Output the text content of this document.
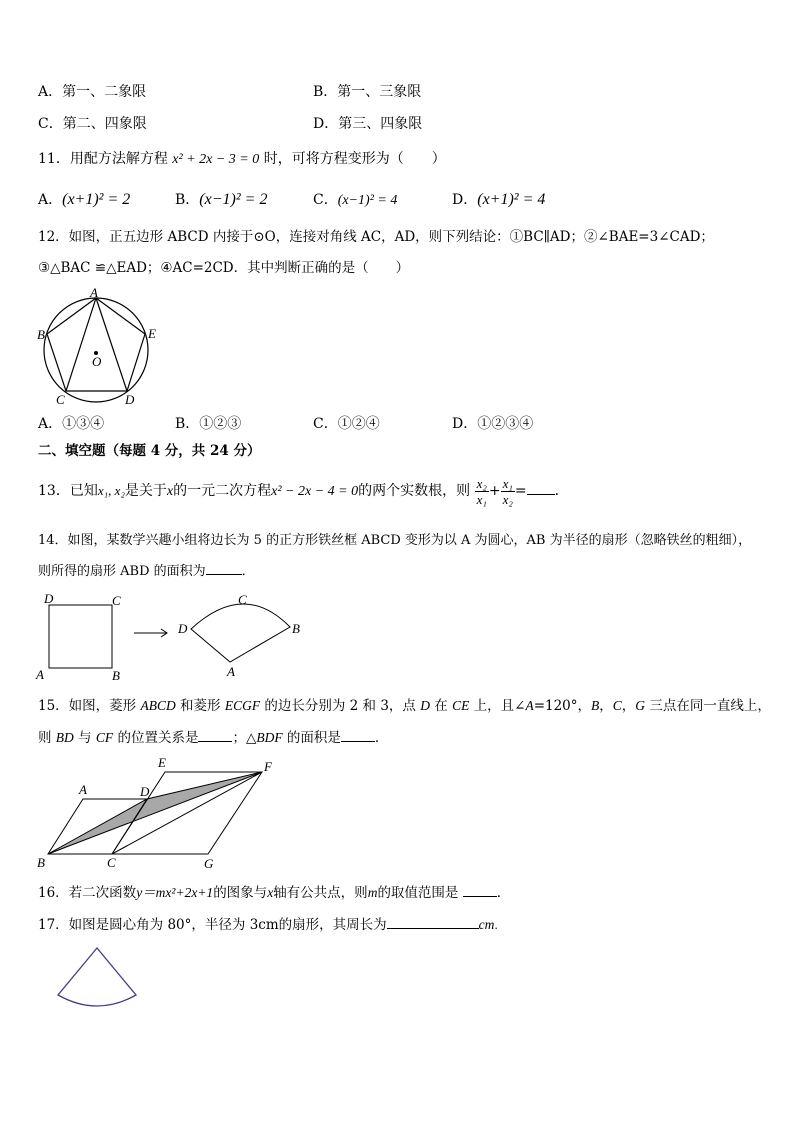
A．第一、二象限	B．第一、三象限
C．第二、四象限	D．第三、四象限
11．用配方法解方程 x² + 2x − 3 = 0 时，可将方程变形为（　　）
A．(x+1)² = 2	B．(x−1)² = 2	C．(x−1)² = 4	D．(x+1)² = 4
12．如图，正五边形 ABCD 内接于⊙O，连接对角线 AC，AD，则下列结论：①BC∥AD；②∠BAE=3∠CAD；
③△BAC ≌△EAD；④AC=2CD．其中判断正确的是（　　）
A
B	E
C	D
O
A．①③④	B．①②③	C．①②④	D．①②③④
二、填空题（每题 4 分，共 24 分）
13．已知x₁, x₂是关于x的一元二次方程x² − 2x − 4 = 0的两个实数根，则 $\frac{\text{x₂}}{\text{x₁}} + \frac{\text{x₁}}{\text{x₂}}$ = ．
14．如图，某数学兴趣小组将边长为 5 的正方形铁丝框 ABCD 变形为以 A 为圆心，AB 为半径的扇形（忽略铁丝的粗细），
则所得的扇形 ABD 的面积为	．
D	C
A	B
C
D	B
A
15．如图，菱形 ABCD 和菱形 ECGF 的边长分别为 2 和 3，点 D 在 CE 上，且∠A=120°，B，C，G 三点在同一直线上，
则 BD 与 CF 的位置关系是	；△BDF 的面积是	．
A
B	C
D
E	F
G
16．若二次函数y＝mx²+2x+1的图象与x轴有公共点，则m的取值范围是	．
17．如图是圆心角为 80°，半径为 3cm的扇形，其周长为	cm.
